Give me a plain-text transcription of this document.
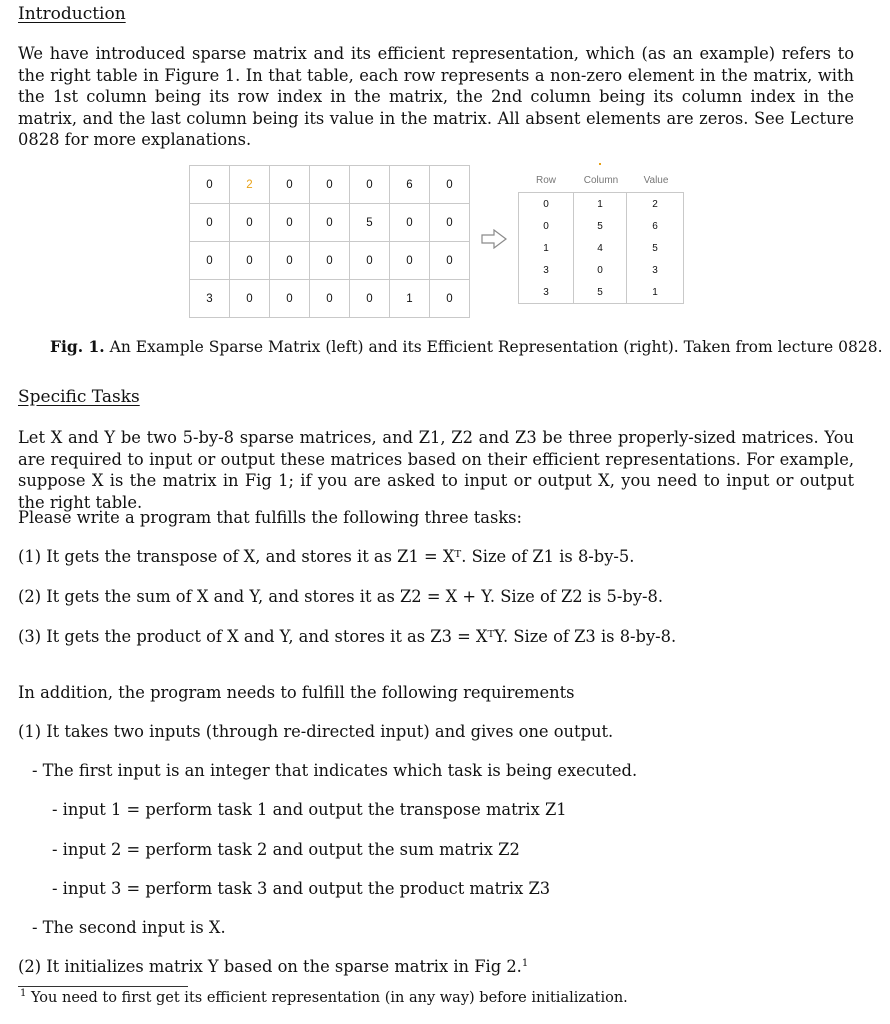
Introduction
We have introduced sparse matrix and its efficient representation, which (as an example) refers to the right table in Figure 1. In that table, each row represents a non-zero element in the matrix, with the 1st column being its row index in the matrix, the 2nd column being its column index in the matrix, and the last column being its value in the matrix. All absent elements are zeros. See Lecture 0828 for more explanations.
0	2	0	0	0	6	0
0	0	0	0	5	0	0
0	0	0	0	0	0	0
3	0	0	0	0	1	0
Row	Column	Value
0	1	2
0	5	6
1	4	5
3	0	3
3	5	1
Fig. 1. An Example Sparse Matrix (left) and its Efficient Representation (right). Taken from lecture 0828.
Specific Tasks
Let X and Y be two 5-by-8 sparse matrices, and Z1, Z2 and Z3 be three properly-sized matrices. You are required to input or output these matrices based on their efficient representations. For example, suppose X is the matrix in Fig 1; if you are asked to input or output X, you need to input or output the right table.
Please write a program that fulfills the following three tasks:
(1) It gets the transpose of X, and stores it as Z1 = Xᵀ. Size of Z1 is 8-by-5.
(2) It gets the sum of X and Y, and stores it as Z2 = X + Y. Size of Z2 is 5-by-8.
(3) It gets the product of X and Y, and stores it as Z3 = XᵀY. Size of Z3 is 8-by-8.
In addition, the program needs to fulfill the following requirements
(1) It takes two inputs (through re-directed input) and gives one output.
- The first input is an integer that indicates which task is being executed.
- input 1 = perform task 1 and output the transpose matrix Z1
- input 2 = perform task 2 and output the sum matrix Z2
- input 3 = perform task 3 and output the product matrix Z3
- The second input is X.
(2) It initializes matrix Y based on the sparse matrix in Fig 2.$^1$
$^1$ You need to first get its efficient representation (in any way) before initialization.
